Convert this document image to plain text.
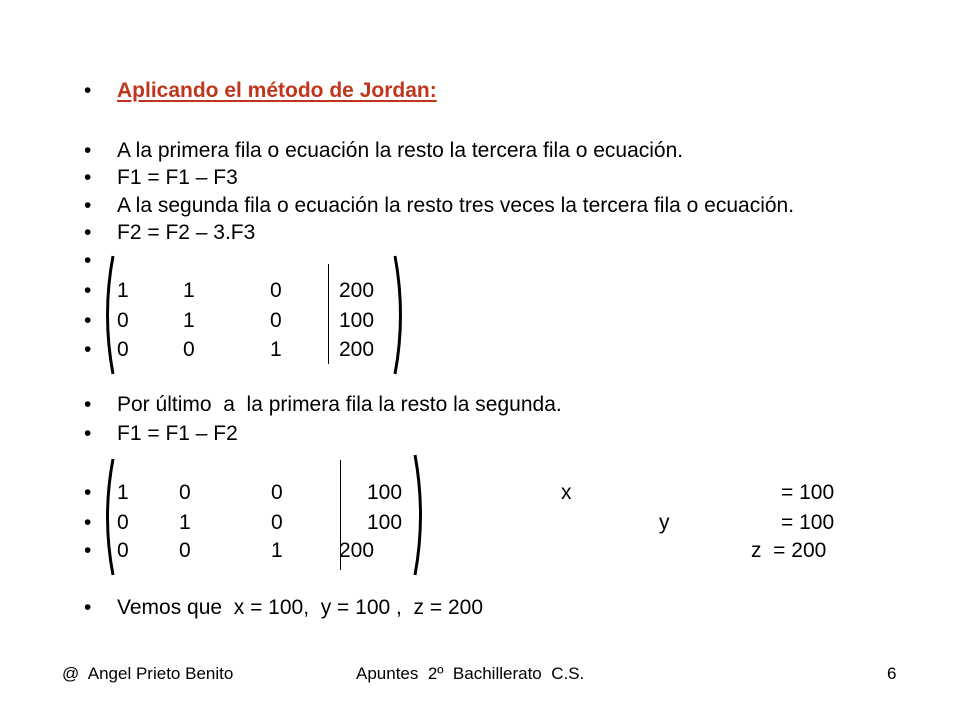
•
•
•
•
•
•
•
•
•
•
•
•
•
•
•
Aplicando el método de Jordan:
A la primera fila o ecuación la resto la tercera fila o ecuación.
F1 = F1 – F3
A la segunda fila o ecuación la resto tres veces la tercera fila o ecuación.
F2 = F2 – 3.F3
1	1	0	200
0	1	0	100
0	0	1	200
Por último  a  la primera fila la resto la segunda.
F1 = F1 – F2
1 0	0	100
0 1	0	100
0 0	1	200
x	= 100
y	= 100
z  = 200
Vemos que  x = 100,  y = 100 ,  z = 200
@  Angel Prieto Benito	Apuntes  2º  Bachillerato  C.S.	6
